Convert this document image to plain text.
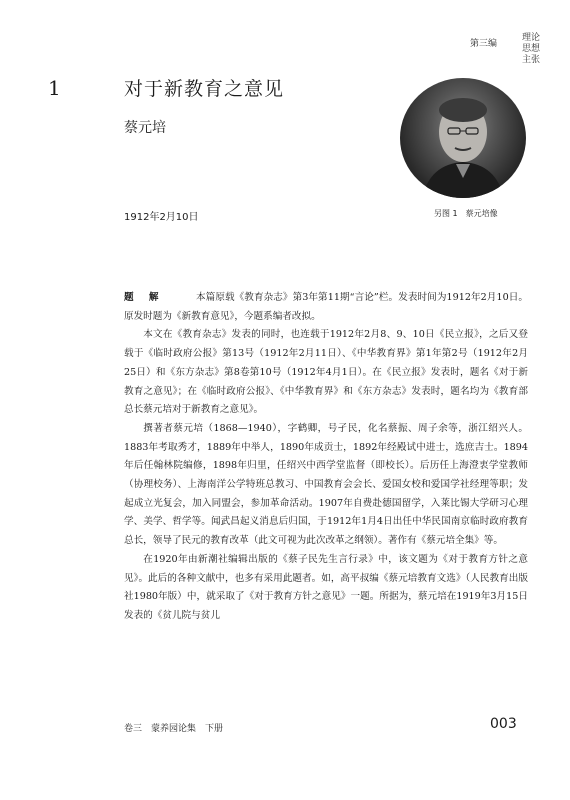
第三编
理论
思想
主张
1	对于新教育之意见
蔡元培
1912年2月10日	另图 1　蔡元培像
题 解	本篇原载《教育杂志》第3年第11期“言论”栏。发表时间为1912年2月10日。原发时题为《新教育意见》，今题系编者改拟。

本文在《教育杂志》发表的同时，也连载于1912年2月8、9、10日《民立报》，之后又登载于《临时政府公报》第13号（1912年2月11日）、《中华教育界》第1年第2号（1912年2月25日）和《东方杂志》第8卷第10号（1912年4月1日）。在《民立报》发表时，题名《对于新教育之意见》；在《临时政府公报》、《中华教育界》和《东方杂志》发表时，题名均为《教育部总长蔡元培对于新教育之意见》。

撰著者蔡元培（1868—1940），字鹤卿，号孑民，化名蔡振、周子余等，浙江绍兴人。1883年考取秀才，1889年中举人，1890年成贡士，1892年经殿试中进士，选庶吉士。1894年后任翰林院编修，1898年归里，任绍兴中西学堂监督（即校长）。后历任上海澄衷学堂教师（协理校务）、上海南洋公学特班总教习、中国教育会会长、爱国女校和爱国学社经理等职；发起成立光复会，加入同盟会，参加革命活动。1907年自费赴德国留学，入莱比锡大学研习心理学、美学、哲学等。闻武昌起义消息后归国，于1912年1月4日出任中华民国南京临时政府教育总长，领导了民元的教育改革（此文可视为此次改革之纲领）。著作有《蔡元培全集》等。

在1920年由新潮社编辑出版的《蔡子民先生言行录》中，该文题为《对于教育方针之意见》。此后的各种文献中，也多有采用此题者。如，高平叔编《蔡元培教育文选》（人民教育出版社1980年版）中，就采取了《对于教育方针之意见》一题。所据为，蔡元培在1919年3月15日发表的《贫儿院与贫儿

卷三　蒙养园论集　下册	003
